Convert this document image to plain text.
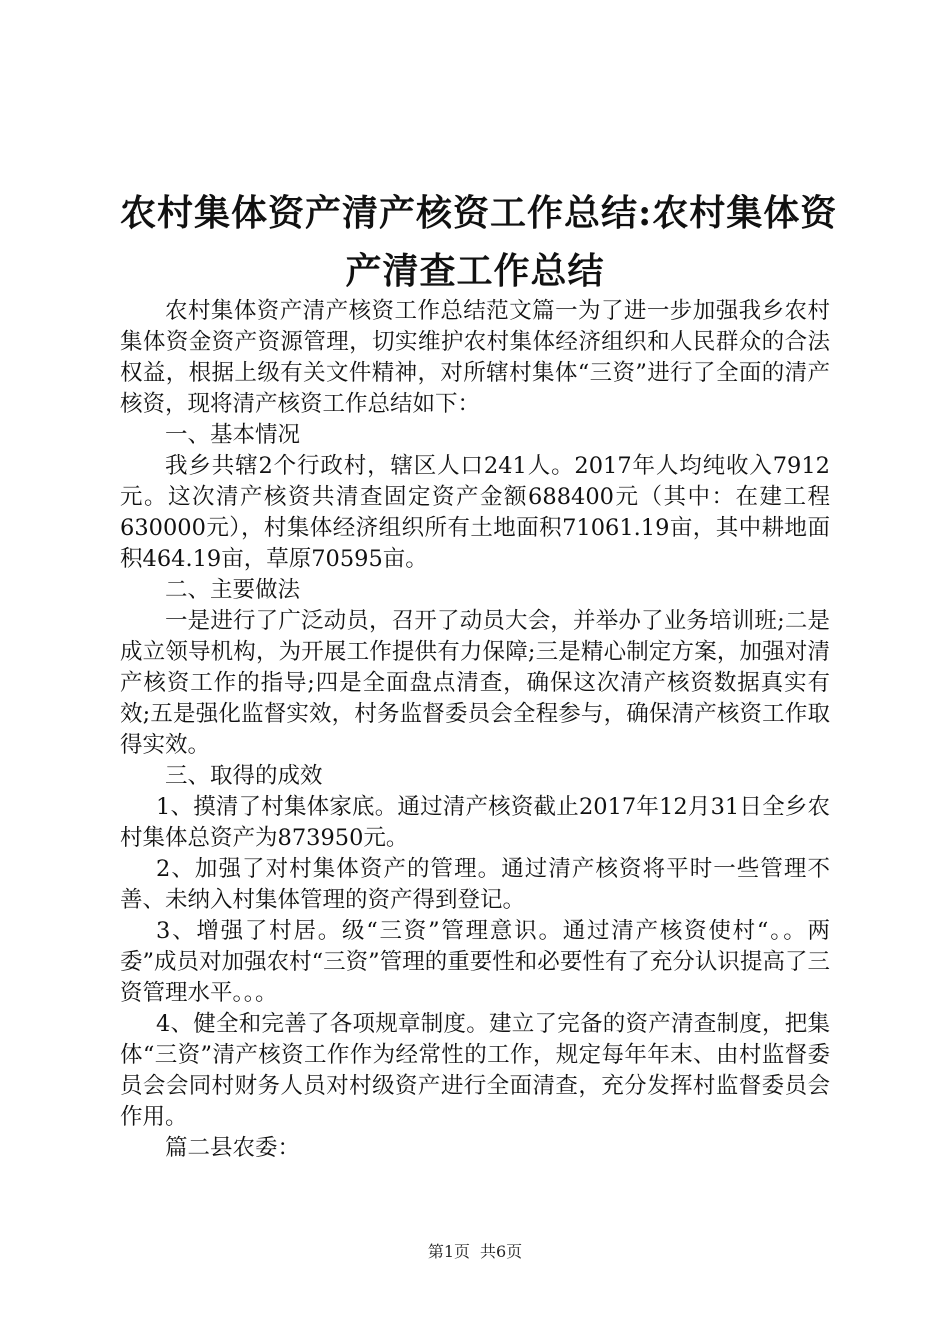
农村集体资产清产核资工作总结:农村集体资
产清查工作总结

农村集体资产清产核资工作总结范文篇一为了进一步加强我乡农村集体资金资产资源管理，切实维护农村集体经济组织和人民群众的合法权益，根据上级有关文件精神，对所辖村集体“三资”进行了全面的清产核资，现将清产核资工作总结如下：

一、基本情况

我乡共辖2个行政村，辖区人口241人。2017年人均纯收入7912元。这次清产核资共清查固定资产金额688400元（其中：在建工程630000元），村集体经济组织所有土地面积71061.19亩，其中耕地面积464.19亩，草原70595亩。

二、主要做法

一是进行了广泛动员，召开了动员大会，并举办了业务培训班;二是成立领导机构，为开展工作提供有力保障;三是精心制定方案，加强对清产核资工作的指导;四是全面盘点清查，确保这次清产核资数据真实有效;五是强化监督实效，村务监督委员会全程参与，确保清产核资工作取得实效。

三、取得的成效

1、摸清了村集体家底。通过清产核资截止2017年12月31日全乡农村集体总资产为873950元。

2、加强了对村集体资产的管理。通过清产核资将平时一些管理不善、未纳入村集体管理的资产得到登记。

3、增强了村居。级“三资”管理意识。通过清产核资使村“。。两委”成员对加强农村“三资”管理的重要性和必要性有了充分认识提高了三资管理水平。。。

4、健全和完善了各项规章制度。建立了完备的资产清查制度，把集体“三资”清产核资工作作为经常性的工作，规定每年年末、由村监督委员会会同村财务人员对村级资产进行全面清查，充分发挥村监督委员会作用。

篇二县农委：

第1页 共6页
